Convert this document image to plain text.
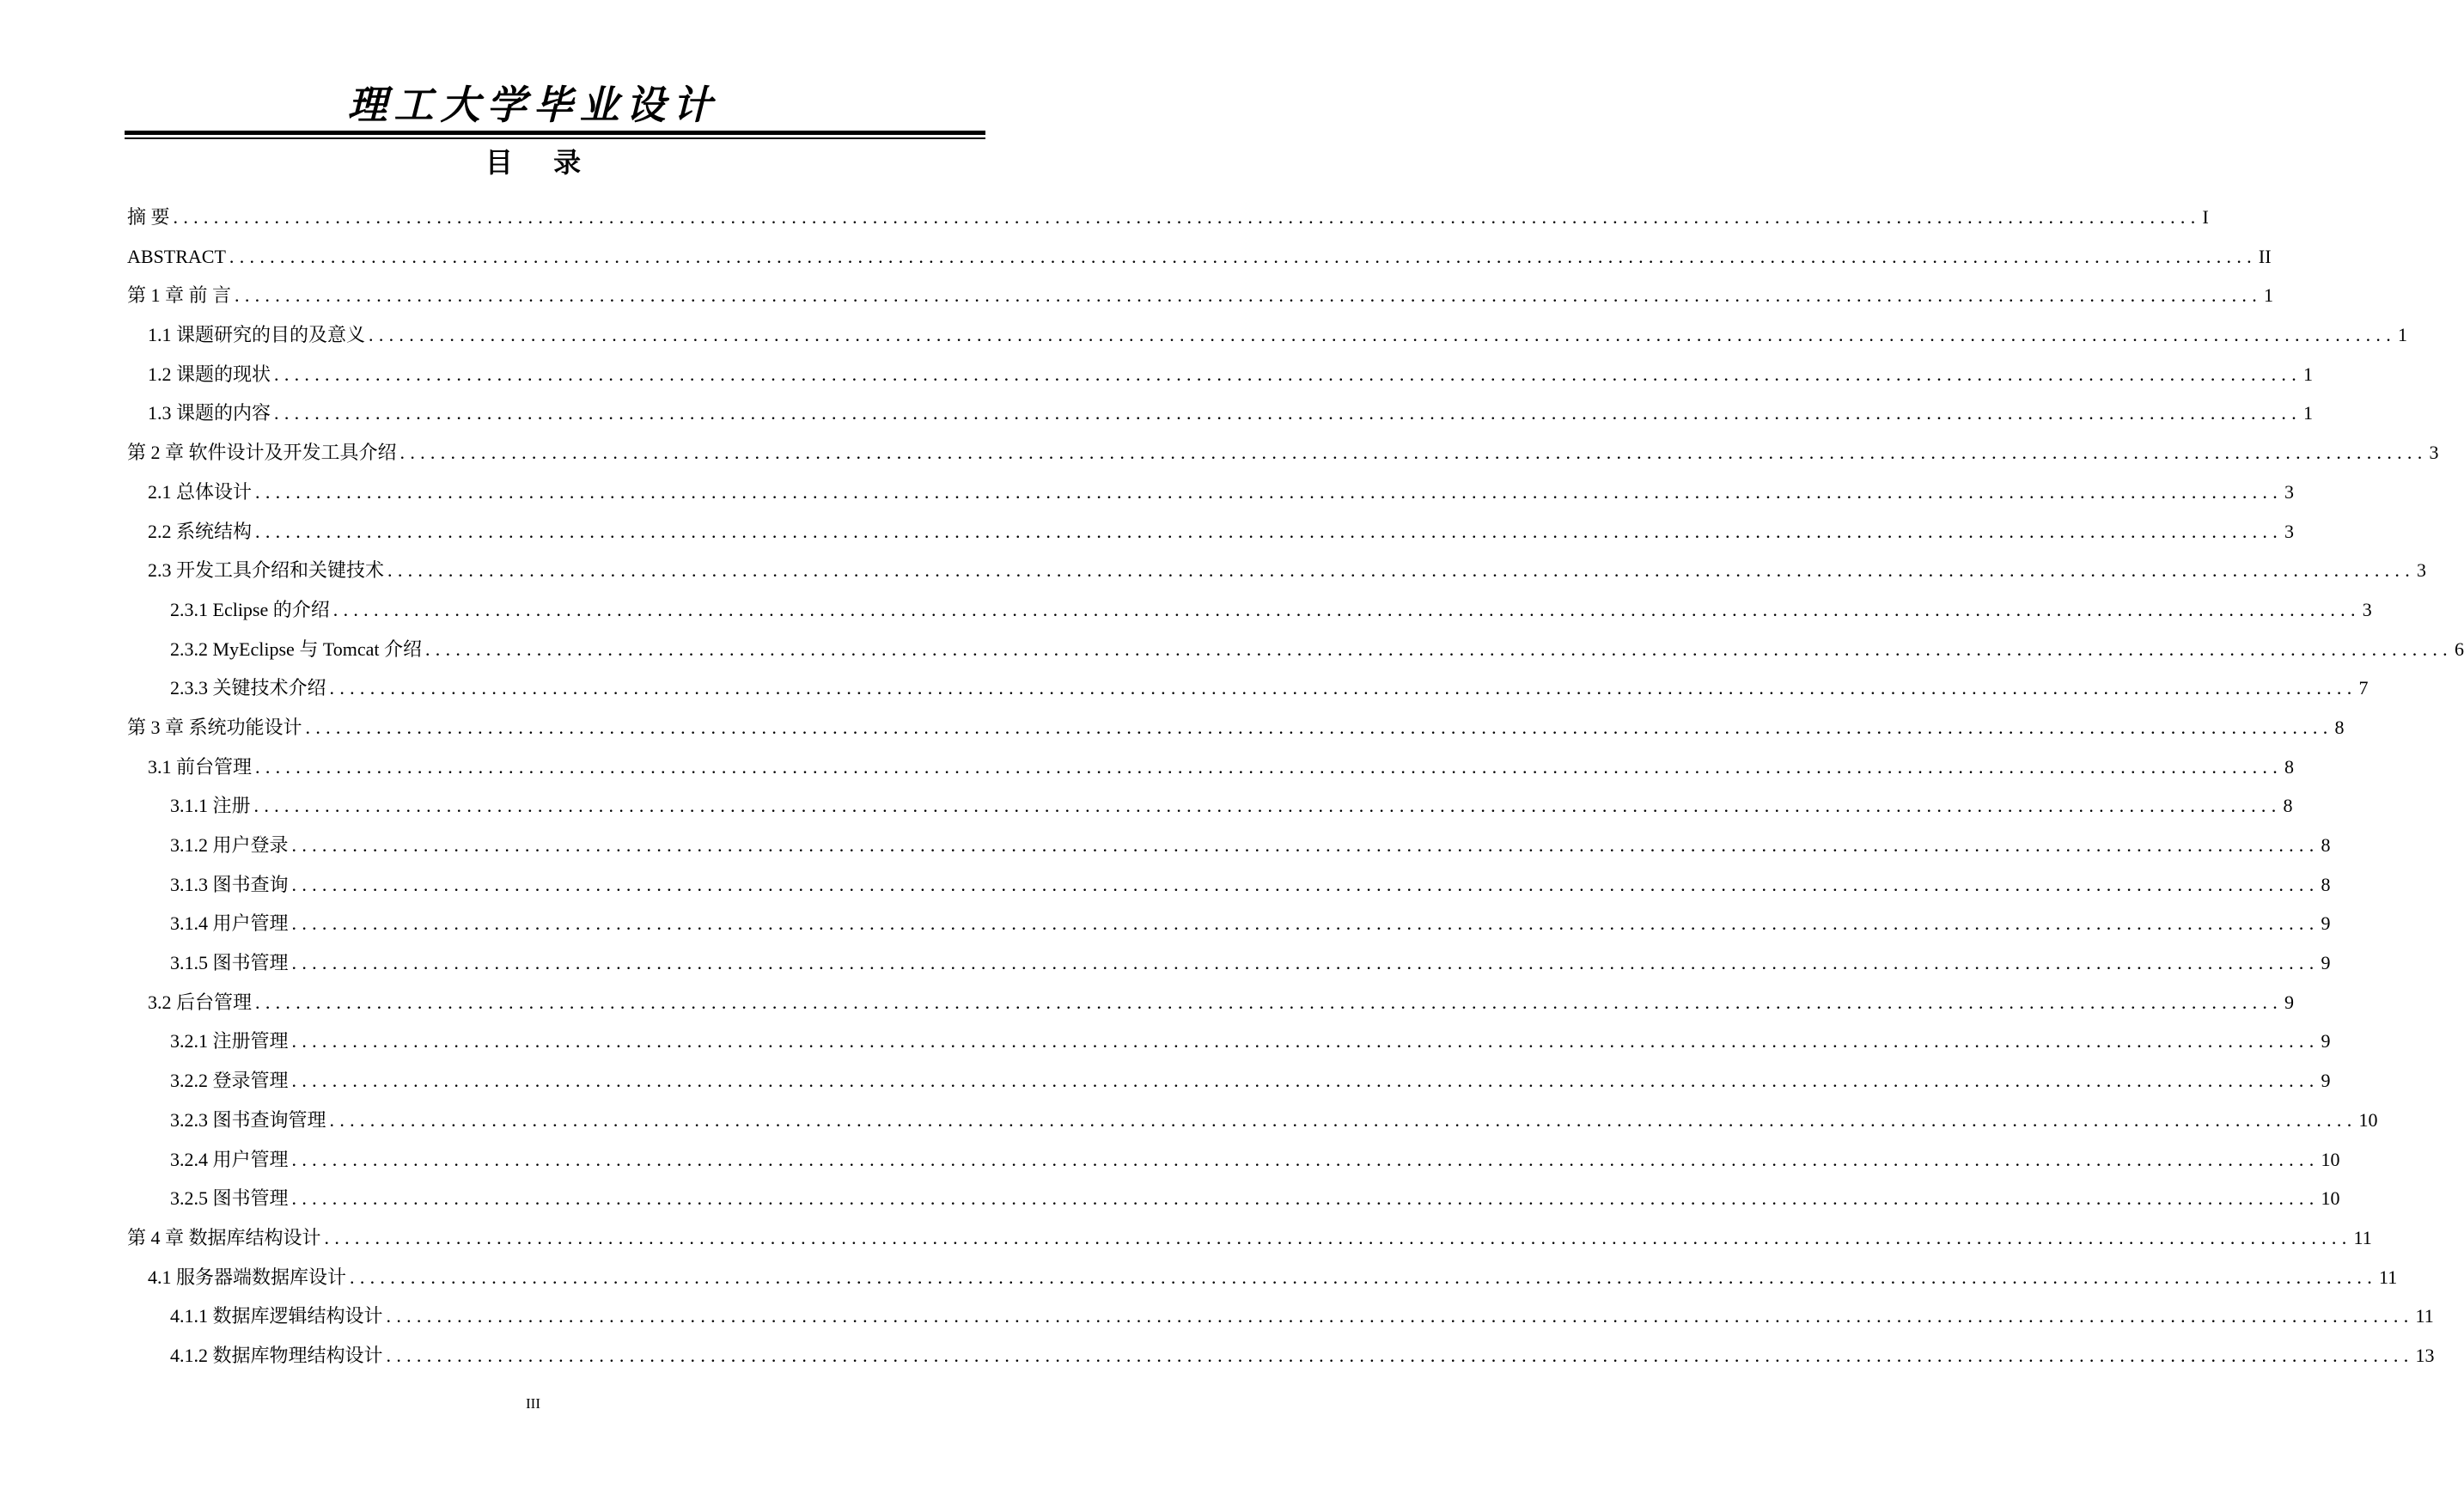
理工大学毕业设计
目 录
摘 要 ........................................................................................................................................................................................................ I
ABSTRACT ........................................................................................................................................................................................................ II
第 1 章 前 言 ........................................................................................................................................................................................................ 1
1.1 课题研究的目的及意义 ........................................................................................................................................................................................................ 1
1.2 课题的现状 ........................................................................................................................................................................................................ 1
1.3 课题的内容 ........................................................................................................................................................................................................ 1
第 2 章 软件设计及开发工具介绍 ........................................................................................................................................................................................................ 3
2.1 总体设计 ........................................................................................................................................................................................................ 3
2.2 系统结构 ........................................................................................................................................................................................................ 3
2.3 开发工具介绍和关键技术 ........................................................................................................................................................................................................ 3
2.3.1 Eclipse 的介绍 ........................................................................................................................................................................................................ 3
2.3.2 MyEclipse 与 Tomcat 介绍 ........................................................................................................................................................................................................ 6
2.3.3 关键技术介绍 ........................................................................................................................................................................................................ 7
第 3 章 系统功能设计 ........................................................................................................................................................................................................ 8
3.1 前台管理 ........................................................................................................................................................................................................ 8
3.1.1 注册 ........................................................................................................................................................................................................ 8
3.1.2 用户登录 ........................................................................................................................................................................................................ 8
3.1.3 图书查询 ........................................................................................................................................................................................................ 8
3.1.4 用户管理 ........................................................................................................................................................................................................ 9
3.1.5 图书管理 ........................................................................................................................................................................................................ 9
3.2 后台管理 ........................................................................................................................................................................................................ 9
3.2.1 注册管理 ........................................................................................................................................................................................................ 9
3.2.2 登录管理 ........................................................................................................................................................................................................ 9
3.2.3 图书查询管理 ........................................................................................................................................................................................................ 10
3.2.4 用户管理 ........................................................................................................................................................................................................ 10
3.2.5 图书管理 ........................................................................................................................................................................................................ 10
第 4 章 数据库结构设计 ........................................................................................................................................................................................................ 11
4.1 服务器端数据库设计 ........................................................................................................................................................................................................ 11
4.1.1 数据库逻辑结构设计 ........................................................................................................................................................................................................ 11
4.1.2 数据库物理结构设计 ........................................................................................................................................................................................................ 13
III
